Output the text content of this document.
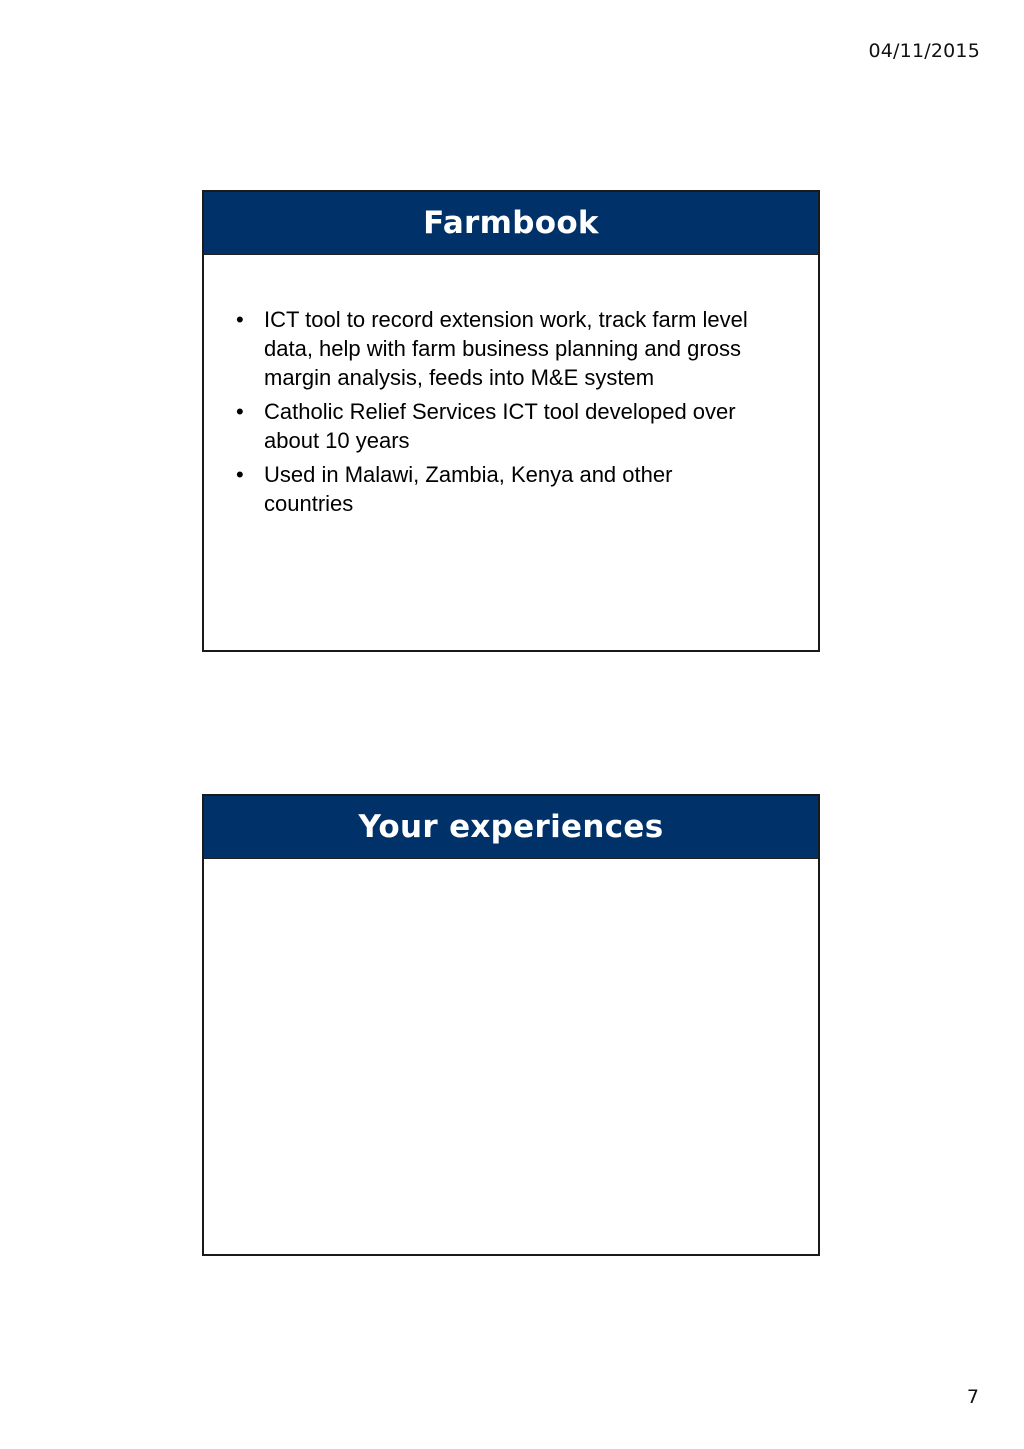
04/11/2015
Farmbook
• ICT tool to record extension work, track farm level data, help with farm business planning and gross margin analysis, feeds into M&E system
• Catholic Relief Services ICT tool developed over about 10 years
• Used in Malawi, Zambia, Kenya and other countries
Your experiences
7
